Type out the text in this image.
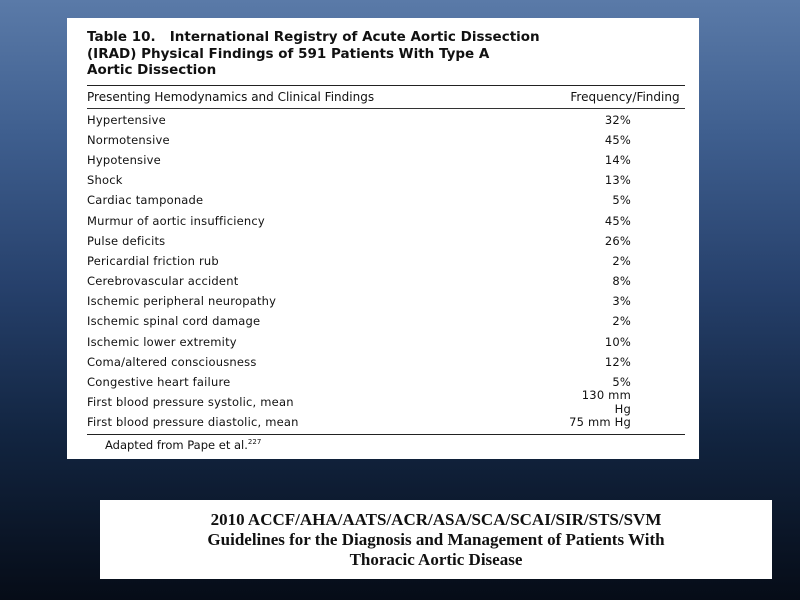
Table 10.   International Registry of Acute Aortic Dissection
(IRAD) Physical Findings of 591 Patients With Type A
Aortic Dissection
Presenting Hemodynamics and Clinical Findings	Frequency/Finding
Hypertensive	32%
Normotensive	45%
Hypotensive	14%
Shock	13%
Cardiac tamponade	5%
Murmur of aortic insufficiency	45%
Pulse deficits	26%
Pericardial friction rub	2%
Cerebrovascular accident	8%
Ischemic peripheral neuropathy	3%
Ischemic spinal cord damage	2%
Ischemic lower extremity	10%
Coma/altered consciousness	12%
Congestive heart failure	5%
First blood pressure systolic, mean	130 mm Hg
First blood pressure diastolic, mean	75 mm Hg
Adapted from Pape et al.$^{227}$
2010 ACCF/AHA/AATS/ACR/ASA/SCA/SCAI/SIR/STS/SVM
Guidelines for the Diagnosis and Management of Patients With
Thoracic Aortic Disease
